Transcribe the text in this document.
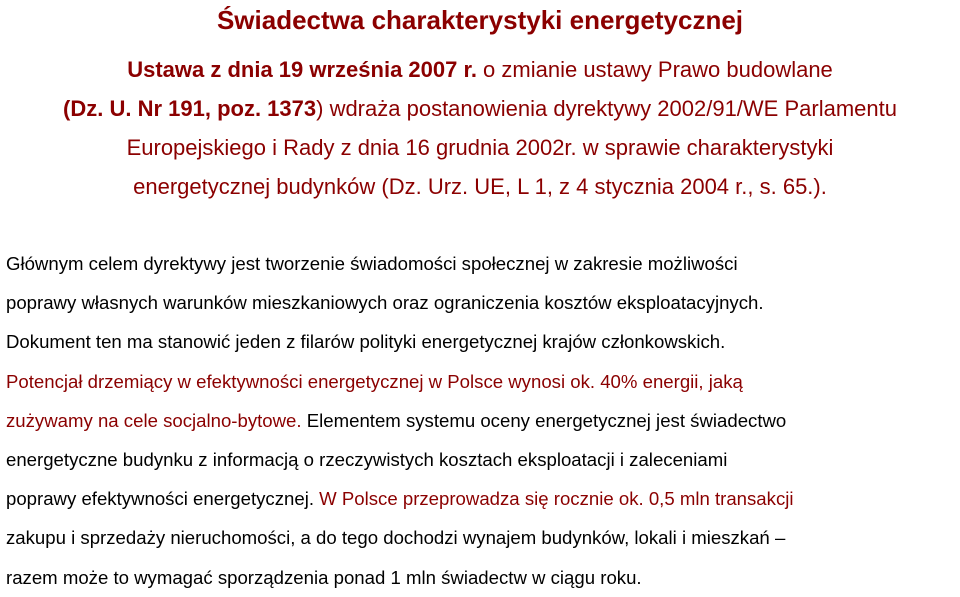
Świadectwa charakterystyki energetycznej
Ustawa z dnia 19 września 2007 r. o zmianie ustawy Prawo budowlane
(Dz. U. Nr 191, poz. 1373) wdraża postanowienia dyrektywy 2002/91/WE Parlamentu
Europejskiego i Rady z dnia 16 grudnia 2002r. w sprawie charakterystyki
energetycznej budynków (Dz. Urz. UE, L 1, z 4 stycznia 2004 r., s. 65.).
Głównym celem dyrektywy jest tworzenie świadomości społecznej w zakresie możliwości
poprawy własnych warunków mieszkaniowych oraz ograniczenia kosztów eksploatacyjnych.
Dokument ten ma stanowić jeden z filarów polityki energetycznej krajów członkowskich.
Potencjał drzemiący w efektywności energetycznej w Polsce wynosi ok. 40% energii, jaką
zużywamy na cele socjalno-bytowe. Elementem systemu oceny energetycznej jest świadectwo
energetyczne budynku z informacją o rzeczywistych kosztach eksploatacji i zaleceniami
poprawy efektywności energetycznej. W Polsce przeprowadza się rocznie ok. 0,5 mln transakcji
zakupu i sprzedaży nieruchomości, a do tego dochodzi wynajem budynków, lokali i mieszkań –
razem może to wymagać sporządzenia ponad 1 mln świadectw w ciągu roku.
